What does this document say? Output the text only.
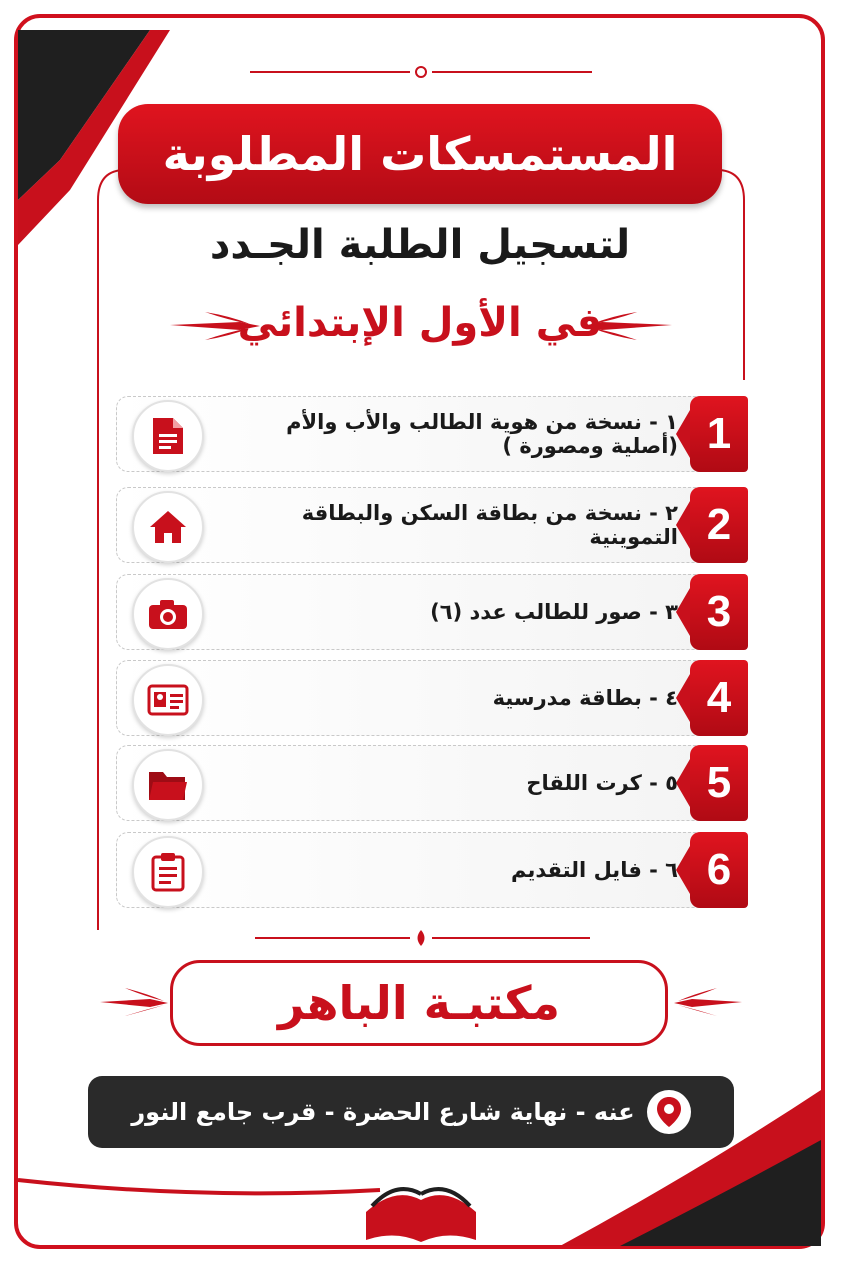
المستمسكات المطلوبة
لتسجيل الطلبة الجـدد
في الأول الإبتدائي
1
١ - نسخة من هوية الطالب والأب والأم (أصلية ومصورة )
2
٢ - نسخة من بطاقة السكن والبطاقة التموينية
3
٣ - صور للطالب عدد (٦)
4
٤ - بطاقة مدرسية
5
٥ - كرت اللقاح
6
٦ - فايل التقديم
مكتبـة الباهر
عنه - نهاية شارع الحضرة - قرب جامع النور
